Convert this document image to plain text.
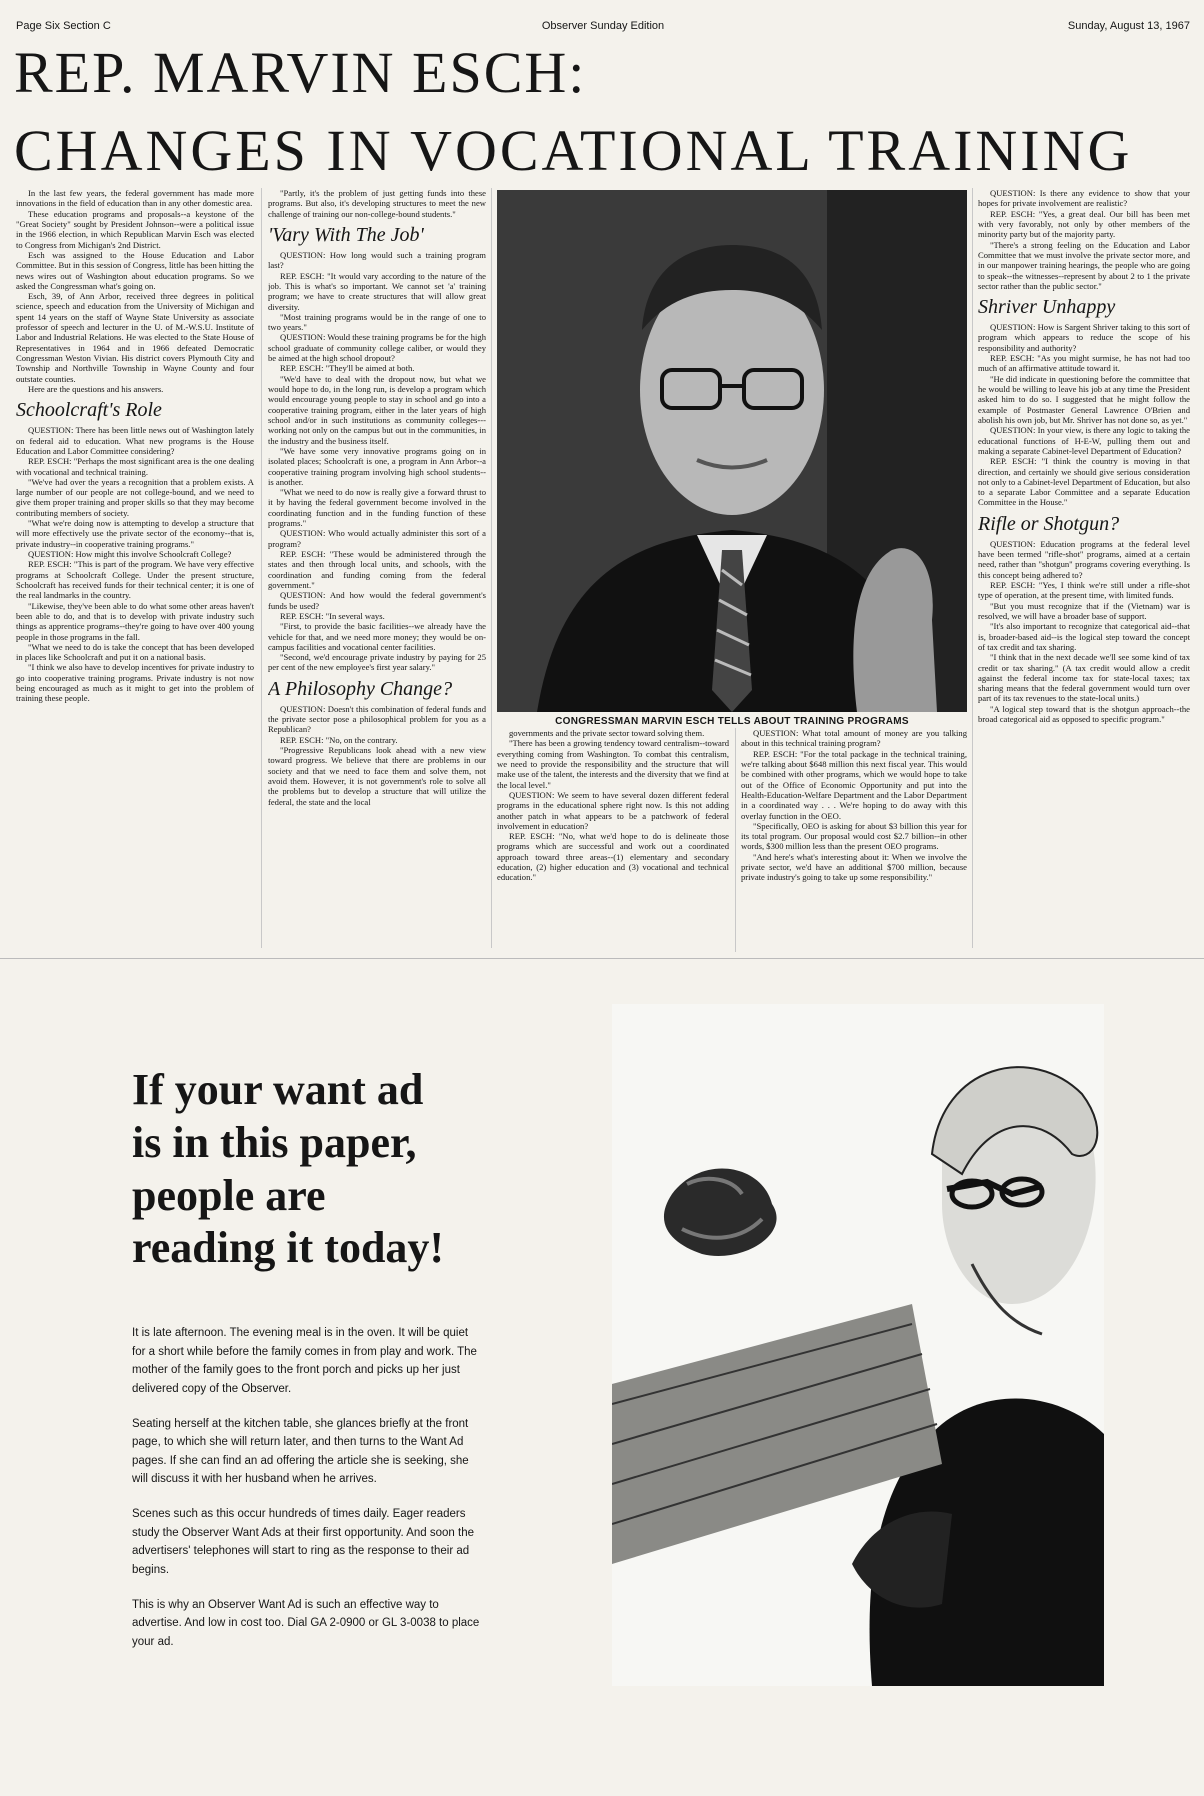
Page Six Section C	Observer Sunday Edition	Sunday, August 13, 1967
REP. MARVIN ESCH:
CHANGES IN VOCATIONAL TRAINING

In the last few years, the federal government has made more innovations in the field of education than in any other domestic area.

These education programs and proposals--a keystone of the "Great Society" sought by President Johnson--were a political issue in the 1966 election, in which Republican Marvin Esch was elected to Congress from Michigan's 2nd District.

Esch was assigned to the House Education and Labor Committee. But in this session of Congress, little has been hitting the news wires out of Washington about education programs. So we asked the Congressman what's going on.

Esch, 39, of Ann Arbor, received three degrees in political science, speech and education from the University of Michigan and spent 14 years on the staff of Wayne State University as associate professor of speech and lecturer in the U. of M.-W.S.U. Institute of Labor and Industrial Relations. He was elected to the State House of Representatives in 1964 and in 1966 defeated Democratic Congressman Weston Vivian. His district covers Plymouth City and Township and Northville Township in Wayne County and four outstate counties.

Here are the questions and his answers.

Schoolcraft's Role

QUESTION: There has been little news out of Washington lately on federal aid to education. What new programs is the House Education and Labor Committee considering?

REP. ESCH: "Perhaps the most significant area is the one dealing with vocational and technical training.

"We've had over the years a recognition that a problem exists. A large number of our people are not college-bound, and we need to give them proper training and proper skills so that they may become contributing members of society.

"What we're doing now is attempting to develop a structure that will more effectively use the private sector of the economy--that is, private industry--in cooperative training programs."

QUESTION: How might this involve Schoolcraft College?

REP. ESCH: "This is part of the program. We have very effective programs at Schoolcraft College. Under the present structure, Schoolcraft has received funds for their technical center; it is one of the real landmarks in the country.

"Likewise, they've been able to do what some other areas haven't been able to do, and that is to develop with private industry such things as apprentice programs--they're going to have over 400 young people in those programs in the fall.

"What we need to do is take the concept that has been developed in places like Schoolcraft and put it on a national basis.

"I think we also have to develop incentives for private industry to go into cooperative training programs. Private industry is not now being encouraged as much as it might to get into the problem of training these people.

"Partly, it's the problem of just getting funds into these programs. But also, it's developing structures to meet the new challenge of training our non-college-bound students."

'Vary With The Job'

QUESTION: How long would such a training program last?

REP. ESCH: "It would vary according to the nature of the job. This is what's so important. We cannot set 'a' training program; we have to create structures that will allow great diversity.

"Most training programs would be in the range of one to two years."

QUESTION: Would these training programs be for the high school graduate of community college caliber, or would they be aimed at the high school dropout?

REP. ESCH: "They'll be aimed at both.

"We'd have to deal with the dropout now, but what we would hope to do, in the long run, is develop a program which would encourage young people to stay in school and go into a cooperative training program, either in the later years of high school and/or in such institutions as community colleges---working not only on the campus but out in the communities, in the industry and the business itself.

"We have some very innovative programs going on in isolated places; Schoolcraft is one, a program in Ann Arbor--a cooperative training program involving high school students--is another.

"What we need to do now is really give a forward thrust to it by having the federal government become involved in the coordinating function and in the funding function of these programs."

QUESTION: Who would actually administer this sort of a program?

REP. ESCH: "These would be administered through the states and then through local units, and schools, with the coordination and funding coming from the federal government."

QUESTION: And how would the federal government's funds be used?

REP. ESCH: "In several ways.

"First, to provide the basic facilities--we already have the vehicle for that, and we need more money; they would be on-campus facilities and vocational center facilities.

"Second, we'd encourage private industry by paying for 25 per cent of the new employee's first year salary."

A Philosophy Change?

QUESTION: Doesn't this combination of federal funds and the private sector pose a philosophical problem for you as a Republican?

REP. ESCH: "No, on the contrary.

"Progressive Republicans look ahead with a new view toward progress. We believe that there are problems in our society and that we need to face them and solve them, not avoid them. However, it is not government's role to solve all the problems but to develop a structure that will utilize the federal, the state and the local

CONGRESSMAN MARVIN ESCH TELLS ABOUT TRAINING PROGRAMS

governments and the private sector toward solving them.

"There has been a growing tendency toward centralism--toward everything coming from Washington. To combat this centralism, we need to provide the responsibility and the structure that will make use of the talent, the interests and the diversity that we find at the local level."

QUESTION: We seem to have several dozen different federal programs in the educational sphere right now. Is this not adding another patch in what appears to be a patchwork of federal involvement in education?

REP. ESCH: "No, what we'd hope to do is delineate those programs which are successful and work out a coordinated approach toward three areas--(1) elementary and secondary education, (2) higher education and (3) vocational and technical education."

QUESTION: What total amount of money are you talking about in this technical training program?

REP. ESCH: "For the total package in the technical training, we're talking about $648 million this next fiscal year. This would be combined with other programs, which we would hope to take out of the Office of Economic Opportunity and put into the Health-Education-Welfare Department and the Labor Department in a coordinated way . . . We're hoping to do away with this overlay function in the OEO.

"Specifically, OEO is asking for about $3 billion this year for its total program. Our proposal would cost $2.7 billion--in other words, $300 million less than the present OEO programs.

"And here's what's interesting about it: When we involve the private sector, we'd have an additional $700 million, because private industry's going to take up some responsibility."

QUESTION: Is there any evidence to show that your hopes for private involvement are realistic?

REP. ESCH: "Yes, a great deal. Our bill has been met with very favorably, not only by other members of the minority party but of the majority party.

"There's a strong feeling on the Education and Labor Committee that we must involve the private sector more, and in our manpower training hearings, the people who are going to speak--the witnesses--represent by about 2 to 1 the private sector rather than the public sector."

Shriver Unhappy

QUESTION: How is Sargent Shriver taking to this sort of program which appears to reduce the scope of his responsibility and authority?

REP. ESCH: "As you might surmise, he has not had too much of an affirmative attitude toward it.

"He did indicate in questioning before the committee that he would be willing to leave his job at any time the President asked him to do so. I suggested that he might follow the example of Postmaster General Lawrence O'Brien and abolish his own job, but Mr. Shriver has not done so, as yet."

QUESTION: In your view, is there any logic to taking the educational functions of H-E-W, pulling them out and making a separate Cabinet-level Department of Education?

REP. ESCH: "I think the country is moving in that direction, and certainly we should give serious consideration not only to a Cabinet-level Department of Education, but also to a separate Labor Committee and a separate Education Committee in the House."

Rifle or Shotgun?

QUESTION: Education programs at the federal level have been termed "rifle-shot" programs, aimed at a certain need, rather than "shotgun" programs covering everything. Is this concept being adhered to?

REP. ESCH: "Yes, I think we're still under a rifle-shot type of operation, at the present time, with limited funds.

"But you must recognize that if the (Vietnam) war is resolved, we will have a broader base of support.

"It's also important to recognize that categorical aid--that is, broader-based aid--is the logical step toward the concept of tax credit and tax sharing.

"I think that in the next decade we'll see some kind of tax credit or tax sharing." (A tax credit would allow a credit against the federal income tax for state-local taxes; tax sharing means that the federal government would turn over part of its tax revenues to the state-local units.)

"A logical step toward that is the shotgun approach--the broad categorical aid as opposed to specific program."

If your want ad
is in this paper,
people are
reading it today!

It is late afternoon. The evening meal is in the oven. It will be quiet for a short while before the family comes in from play and work. The mother of the family goes to the front porch and picks up her just delivered copy of the Observer.

Seating herself at the kitchen table, she glances briefly at the front page, to which she will return later, and then turns to the Want Ad pages. If she can find an ad offering the article she is seeking, she will discuss it with her husband when he arrives.

Scenes such as this occur hundreds of times daily. Eager readers study the Observer Want Ads at their first opportunity. And soon the advertisers' telephones will start to ring as the response to their ad begins.

This is why an Observer Want Ad is such an effective way to advertise. And low in cost too. Dial GA 2-0900 or GL 3-0038 to place your ad.
